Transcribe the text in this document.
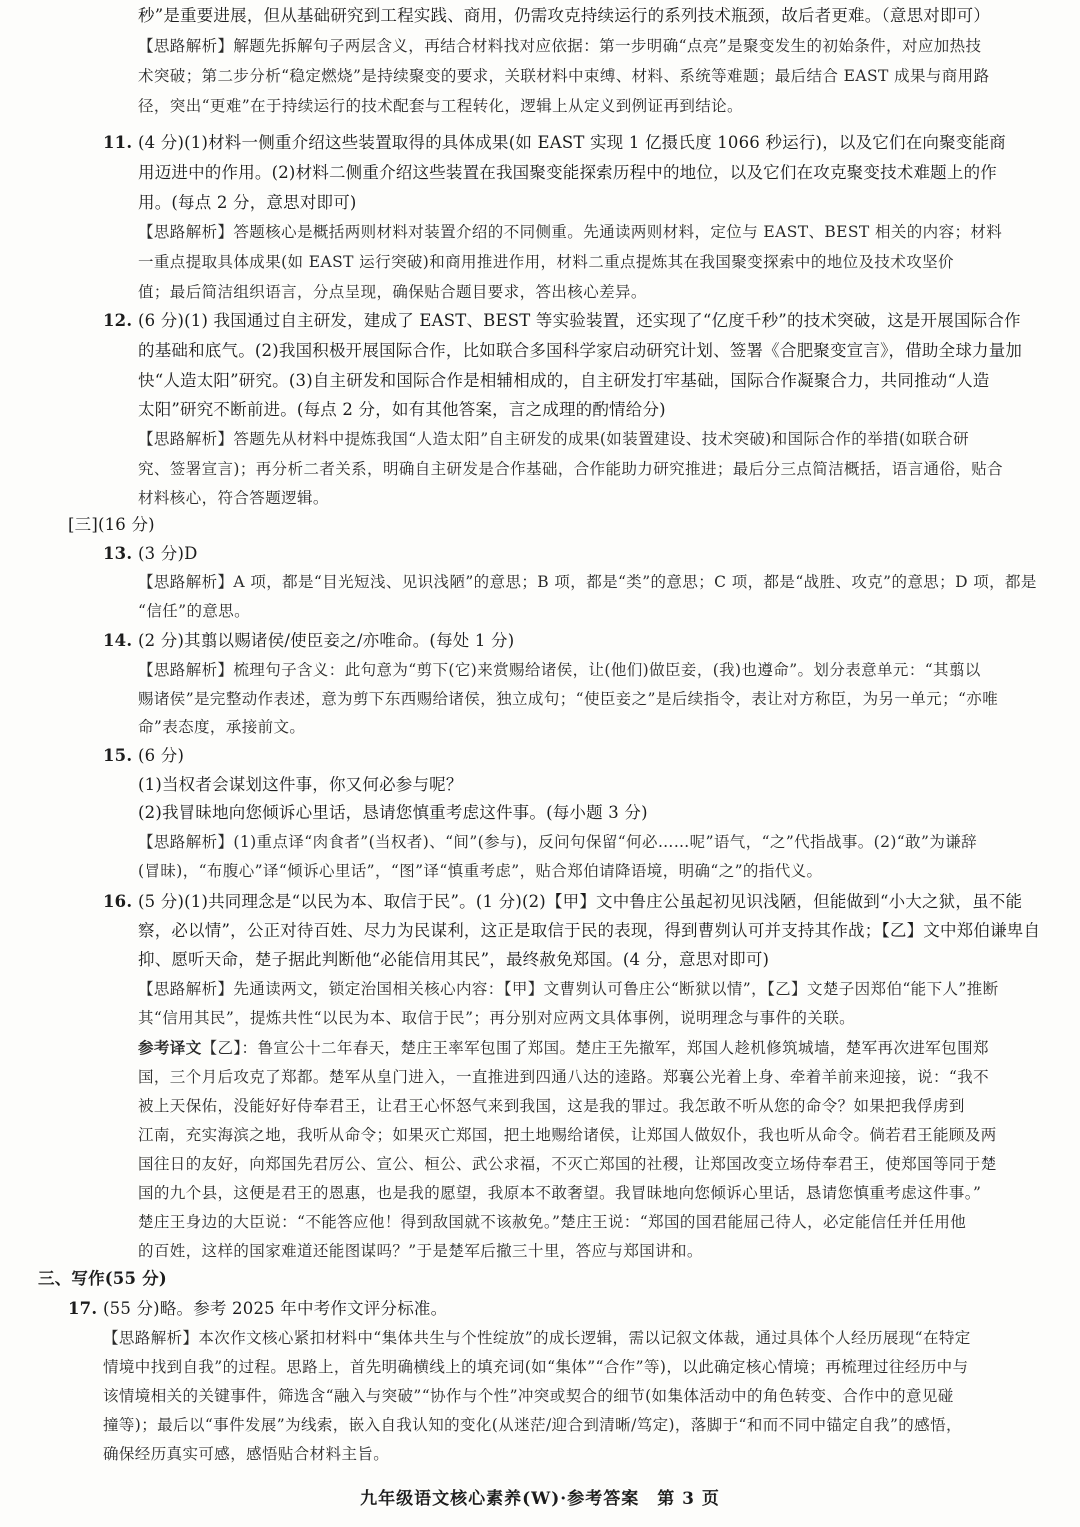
秒”是重要进展，但从基础研究到工程实践、商用，仍需攻克持续运行的系列技术瓶颈，故后者更难。（意思对即可）
【思路解析】解题先拆解句子两层含义，再结合材料找对应依据：第一步明确“点亮”是聚变发生的初始条件，对应加热技
术突破；第二步分析“稳定燃烧”是持续聚变的要求，关联材料中束缚、材料、系统等难题；最后结合 EAST 成果与商用路
径，突出“更难”在于持续运行的技术配套与工程转化，逻辑上从定义到例证再到结论。
11. (4 分)(1)材料一侧重介绍这些装置取得的具体成果(如 EAST 实现 1 亿摄氏度 1066 秒运行)，以及它们在向聚变能商
用迈进中的作用。(2)材料二侧重介绍这些装置在我国聚变能探索历程中的地位，以及它们在攻克聚变技术难题上的作
用。(每点 2 分，意思对即可)
【思路解析】答题核心是概括两则材料对装置介绍的不同侧重。先通读两则材料，定位与 EAST、BEST 相关的内容；材料
一重点提取具体成果(如 EAST 运行突破)和商用推进作用，材料二重点提炼其在我国聚变探索中的地位及技术攻坚价
值；最后简洁组织语言，分点呈现，确保贴合题目要求，答出核心差异。
12. (6 分)(1) 我国通过自主研发，建成了 EAST、BEST 等实验装置，还实现了“亿度千秒”的技术突破，这是开展国际合作
的基础和底气。(2)我国积极开展国际合作，比如联合多国科学家启动研究计划、签署《合肥聚变宣言》，借助全球力量加
快“人造太阳”研究。(3)自主研发和国际合作是相辅相成的，自主研发打牢基础，国际合作凝聚合力，共同推动“人造
太阳”研究不断前进。(每点 2 分，如有其他答案，言之成理的酌情给分)
【思路解析】答题先从材料中提炼我国“人造太阳”自主研发的成果(如装置建设、技术突破)和国际合作的举措(如联合研
究、签署宣言)；再分析二者关系，明确自主研发是合作基础，合作能助力研究推进；最后分三点简洁概括，语言通俗，贴合
材料核心，符合答题逻辑。
[三](16 分)
13. (3 分)D
【思路解析】A 项，都是“目光短浅、见识浅陋”的意思；B 项，都是“类”的意思；C 项，都是“战胜、攻克”的意思；D 项，都是
“信任”的意思。
14. (2 分)其翦以赐诸侯/使臣妾之/亦唯命。(每处 1 分)
【思路解析】梳理句子含义：此句意为“剪下(它)来赏赐给诸侯，让(他们)做臣妾，(我)也遵命”。划分表意单元：“其翦以
赐诸侯”是完整动作表述，意为剪下东西赐给诸侯，独立成句；“使臣妾之”是后续指令，表让对方称臣，为另一单元；“亦唯
命”表态度，承接前文。
15. (6 分)
(1)当权者会谋划这件事，你又何必参与呢？
(2)我冒昧地向您倾诉心里话，恳请您慎重考虑这件事。(每小题 3 分)
【思路解析】(1)重点译“肉食者”(当权者)、“间”(参与)，反问句保留“何必……呢”语气，“之”代指战事。(2)“敢”为谦辞
(冒昧)，“布腹心”译“倾诉心里话”，“图”译“慎重考虑”，贴合郑伯请降语境，明确“之”的指代义。
16. (5 分)(1)共同理念是“以民为本、取信于民”。(1 分)(2)【甲】文中鲁庄公虽起初见识浅陋，但能做到“小大之狱，虽不能
察，必以情”，公正对待百姓、尽力为民谋利，这正是取信于民的表现，得到曹刿认可并支持其作战；【乙】文中郑伯谦卑自
抑、愿听天命，楚子据此判断他“必能信用其民”，最终赦免郑国。(4 分，意思对即可)
【思路解析】先通读两文，锁定治国相关核心内容：【甲】文曹刿认可鲁庄公“断狱以情”，【乙】文楚子因郑伯“能下人”推断
其“信用其民”，提炼共性“以民为本、取信于民”；再分别对应两文具体事例，说明理念与事件的关联。
参考译文【乙】：鲁宣公十二年春天，楚庄王率军包围了郑国。楚庄王先撤军，郑国人趁机修筑城墙，楚军再次进军包围郑
国，三个月后攻克了郑都。楚军从皇门进入，一直推进到四通八达的逵路。郑襄公光着上身、牵着羊前来迎接，说：“我不
被上天保佑，没能好好侍奉君王，让君王心怀怒气来到我国，这是我的罪过。我怎敢不听从您的命令？如果把我俘虏到
江南，充实海滨之地，我听从命令；如果灭亡郑国，把土地赐给诸侯，让郑国人做奴仆，我也听从命令。倘若君王能顾及两
国往日的友好，向郑国先君厉公、宣公、桓公、武公求福，不灭亡郑国的社稷，让郑国改变立场侍奉君王，使郑国等同于楚
国的九个县，这便是君王的恩惠，也是我的愿望，我原本不敢奢望。我冒昧地向您倾诉心里话，恳请您慎重考虑这件事。”
楚庄王身边的大臣说：“不能答应他！得到敌国就不该赦免。”楚庄王说：“郑国的国君能屈己待人，必定能信任并任用他
的百姓，这样的国家难道还能图谋吗？”于是楚军后撤三十里，答应与郑国讲和。
三、写作(55 分)
17. (55 分)略。参考 2025 年中考作文评分标准。
【思路解析】本次作文核心紧扣材料中“集体共生与个性绽放”的成长逻辑，需以记叙文体裁，通过具体个人经历展现“在特定
情境中找到自我”的过程。思路上，首先明确横线上的填充词(如“集体”“合作”等)，以此确定核心情境；再梳理过往经历中与
该情境相关的关键事件，筛选含“融入与突破”“协作与个性”冲突或契合的细节(如集体活动中的角色转变、合作中的意见碰
撞等)；最后以“事件发展”为线索，嵌入自我认知的变化(从迷茫/迎合到清晰/笃定)，落脚于“和而不同中锚定自我”的感悟，
确保经历真实可感，感悟贴合材料主旨。
九年级语文核心素养(W)·参考答案　第 3 页
